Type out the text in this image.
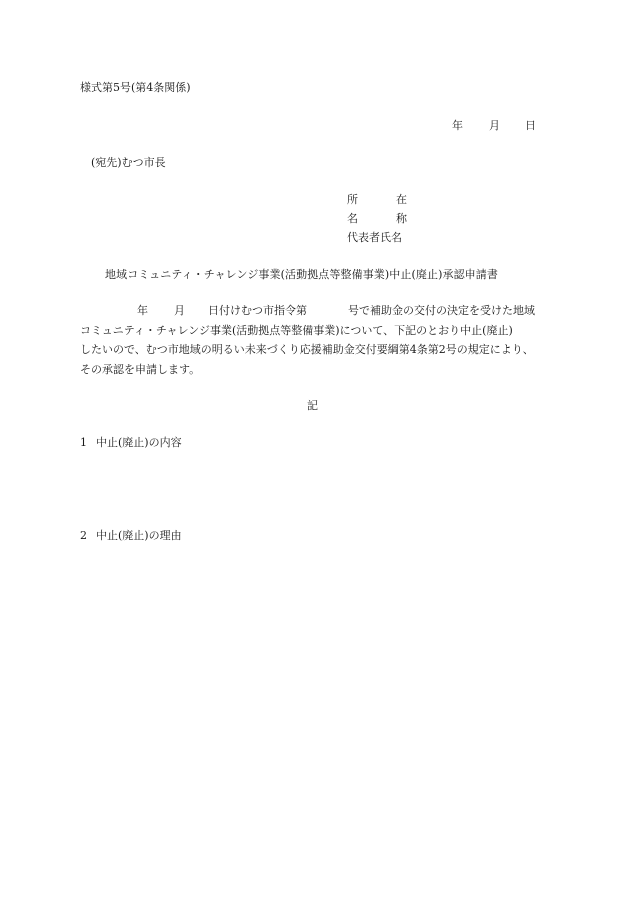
様式第5号(第4条関係)
年 月 日
(宛先)むつ市長
所	在
名	称
代表者氏名
地域コミュニティ・チャレンジ事業(活動拠点等整備事業)中止(廃止)承認申請書
年 月 日付けむつ市指令第	号で補助金の交付の決定を受けた地域
コミュニティ・チャレンジ事業(活動拠点等整備事業)について、下記のとおり中止(廃止)
したいので、むつ市地域の明るい未来づくり応援補助金交付要綱第4条第2号の規定により、
その承認を申請します。
記
1 中止(廃止)の内容
2 中止(廃止)の理由
